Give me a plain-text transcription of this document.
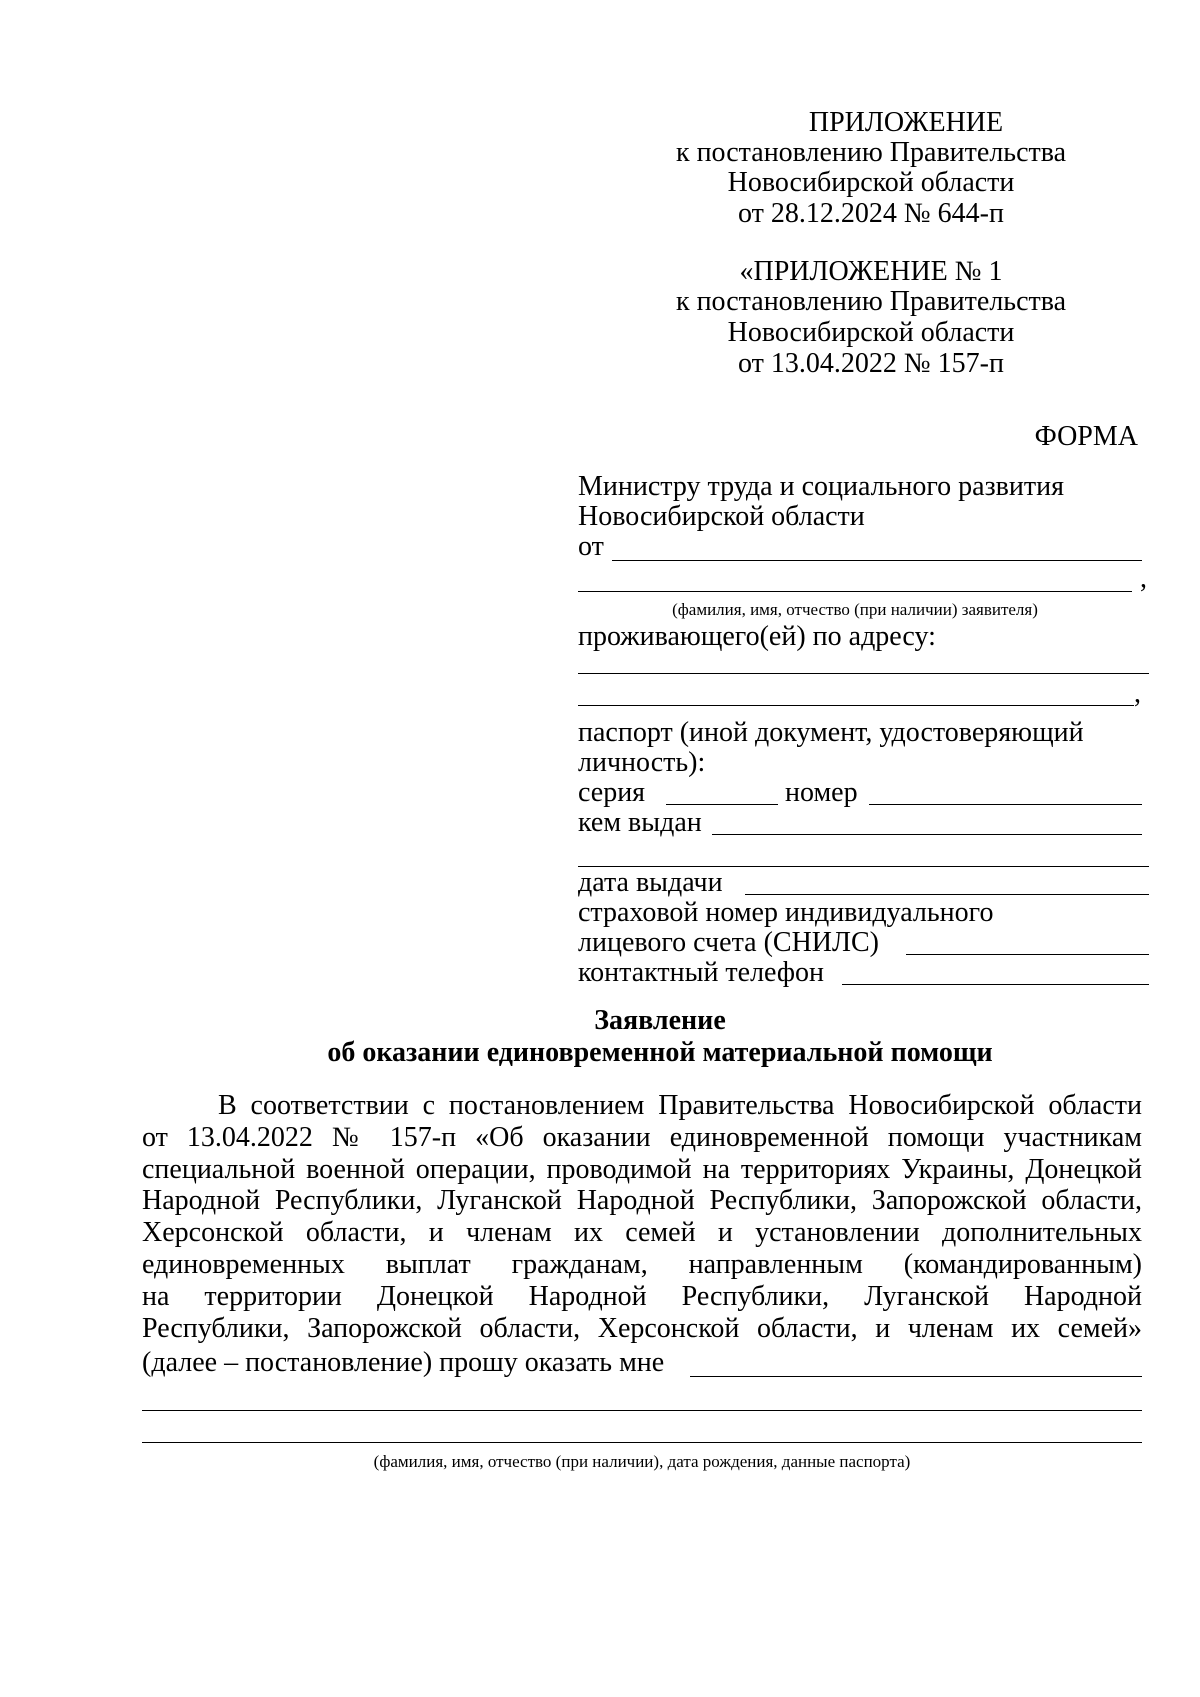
ПРИЛОЖЕНИЕ
к постановлению Правительства
Новосибирской области
от 28.12.2024 № 644-п
«ПРИЛОЖЕНИЕ № 1
к постановлению Правительства
Новосибирской области
от 13.04.2022 № 157-п
ФОРМА
Министру труда и социального развития
Новосибирской области
от
,
(фамилия, имя, отчество (при наличии) заявителя)
проживающего(ей) по адресу:
,
паспорт (иной документ, удостоверяющий
личность):
серия	номер
кем выдан
дата выдачи
страховой номер индивидуального
лицевого счета (СНИЛС)
контактный телефон
Заявление
об оказании единовременной материальной помощи
В соответствии с постановлением Правительства Новосибирской области
от 13.04.2022 № 157-п «Об оказании единовременной помощи участникам
специальной военной операции, проводимой на территориях Украины, Донецкой
Народной Республики, Луганской Народной Республики, Запорожской области,
Херсонской области, и членам их семей и установлении дополнительных
единовременных выплат гражданам, направленным (командированным)
на территории Донецкой Народной Республики, Луганской Народной
Республики, Запорожской области, Херсонской области, и членам их семей»
(далее – постановление) прошу оказать мне
(фамилия, имя, отчество (при наличии), дата рождения, данные паспорта)
